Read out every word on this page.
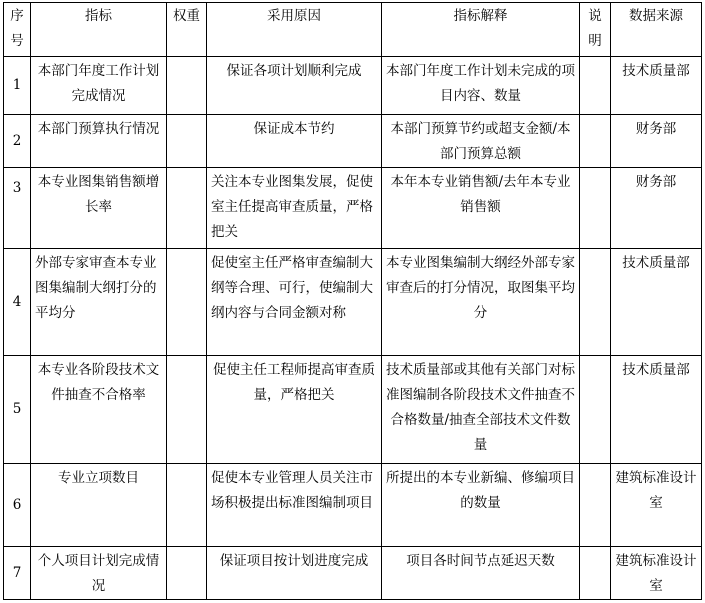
序号	指标	权重	采用原因	指标解释	说明	数据来源
1	本部门年度工作计划完成情况		保证各项计划顺利完成	本部门年度工作计划未完成的项目内容、数量		技术质量部
2	本部门预算执行情况		保证成本节约	本部门预算节约或超支金额/本部门预算总额		财务部
3	本专业图集销售额增长率		关注本专业图集发展，促使室主任提高审查质量，严格把关	本年本专业销售额/去年本专业销售额		财务部
4	外部专家审查本专业图集编制大纲打分的平均分		促使室主任严格审查编制大纲等合理、可行，使编制大纲内容与合同金额对称	本专业图集编制大纲经外部专家审查后的打分情况，取图集平均分		技术质量部
5	本专业各阶段技术文件抽查不合格率		促使主任工程师提高审查质量，严格把关	技术质量部或其他有关部门对标准图编制各阶段技术文件抽查不合格数量/抽查全部技术文件数量		技术质量部
6	专业立项数目		促使本专业管理人员关注市场积极提出标准图编制项目	所提出的本专业新编、修编项目的数量		建筑标准设计室
7	个人项目计划完成情况		保证项目按计划进度完成	项目各时间节点延迟天数		建筑标准设计室
